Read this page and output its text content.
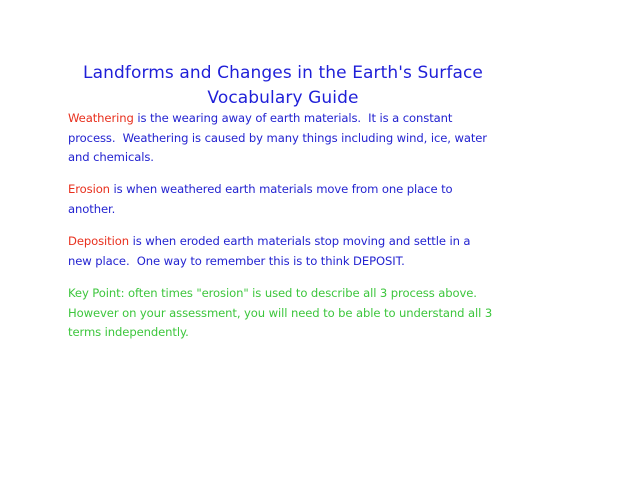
Landforms and Changes in the Earth's Surface
Vocabulary Guide
Weathering is the wearing away of earth materials.  It is a constant
process.  Weathering is caused by many things including wind, ice, water
and chemicals.
Erosion is when weathered earth materials move from one place to
another.
Deposition is when eroded earth materials stop moving and settle in a
new place.  One way to remember this is to think DEPOSIT.
Key Point: often times "erosion" is used to describe all 3 process above.
However on your assessment, you will need to be able to understand all 3
terms independently.
